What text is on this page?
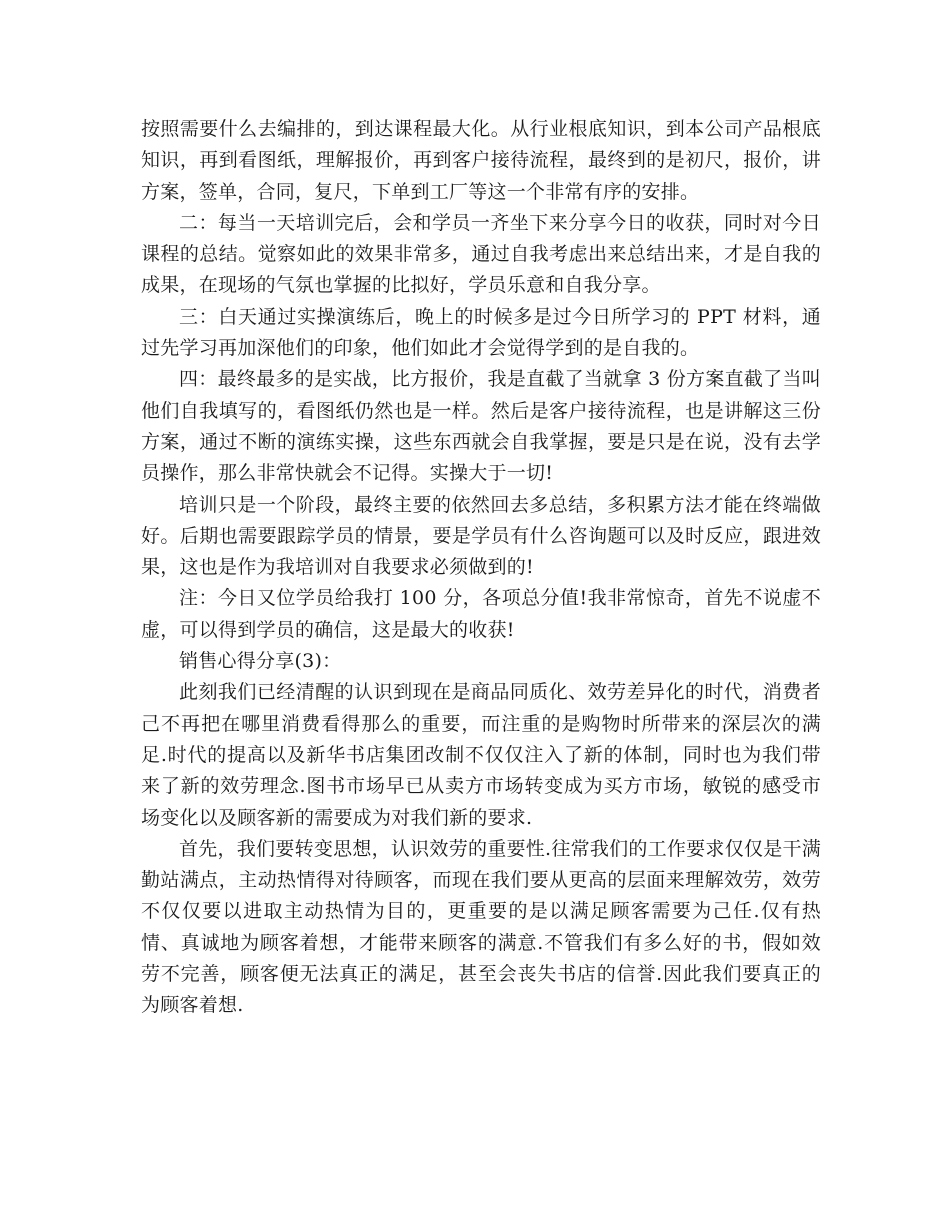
按照需要什么去编排的，到达课程最大化。从行业根底知识，到本公司产品根底知识，再到看图纸，理解报价，再到客户接待流程，最终到的是初尺，报价，讲方案，签单，合同，复尺，下单到工厂等这一个非常有序的安排。

二：每当一天培训完后，会和学员一齐坐下来分享今日的收获，同时对今日课程的总结。觉察如此的效果非常多，通过自我考虑出来总结出来，才是自我的成果，在现场的气氛也掌握的比拟好，学员乐意和自我分享。

三：白天通过实操演练后，晚上的时候多是过今日所学习的 PPT 材料，通过先学习再加深他们的印象，他们如此才会觉得学到的是自我的。

四：最终最多的是实战，比方报价，我是直截了当就拿 3 份方案直截了当叫他们自我填写的，看图纸仍然也是一样。然后是客户接待流程，也是讲解这三份方案，通过不断的演练实操，这些东西就会自我掌握，要是只是在说，没有去学员操作，那么非常快就会不记得。实操大于一切!

培训只是一个阶段，最终主要的依然回去多总结，多积累方法才能在终端做好。后期也需要跟踪学员的情景，要是学员有什么咨询题可以及时反应，跟进效果，这也是作为我培训对自我要求必须做到的!

注：今日又位学员给我打 100 分，各项总分值!我非常惊奇，首先不说虚不虚，可以得到学员的确信，这是最大的收获!

销售心得分享(3)：

此刻我们已经清醒的认识到现在是商品同质化、效劳差异化的时代，消费者己不再把在哪里消费看得那么的重要，而注重的是购物时所带来的深层次的满足.时代的提高以及新华书店集团改制不仅仅注入了新的体制，同时也为我们带来了新的效劳理念.图书市场早已从卖方市场转变成为买方市场，敏锐的感受市场变化以及顾客新的需要成为对我们新的要求.

首先，我们要转变思想，认识效劳的重要性.往常我们的工作要求仅仅是干满勤站满点，主动热情得对待顾客，而现在我们要从更高的层面来理解效劳，效劳不仅仅要以进取主动热情为目的，更重要的是以满足顾客需要为己任.仅有热情、真诚地为顾客着想，才能带来顾客的满意.不管我们有多么好的书，假如效劳不完善，顾客便无法真正的满足，甚至会丧失书店的信誉.因此我们要真正的为顾客着想.
